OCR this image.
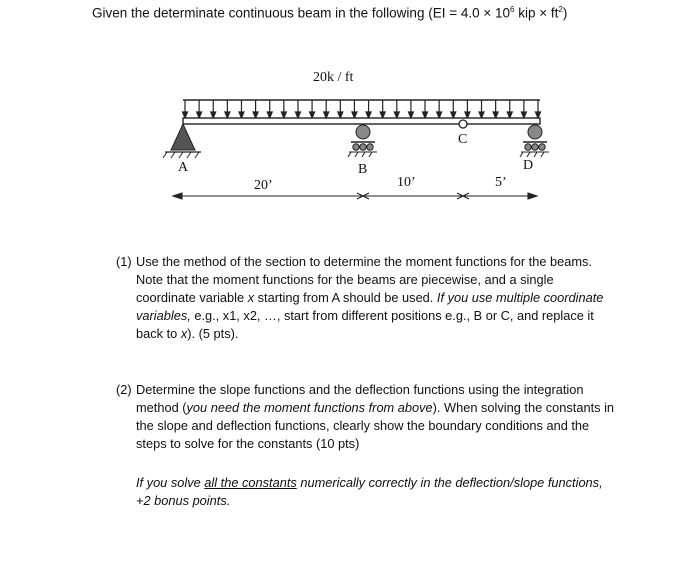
Given the determinate continuous beam in the following ($EI = 4.0 \times 10^6$ kip × $ft^2$)
20k / ft
A	B
C
D
20’	10’	5’
(1) Use the method of the section to determine the moment functions for the beams. Note that the moment functions for the beams are piecewise, and a single coordinate variable x starting from A should be used. If you use multiple coordinate variables, e.g., x1, x2, …, start from different positions e.g., B or C, and replace it back to x). (5 pts).
(2) Determine the slope functions and the deflection functions using the integration method (you need the moment functions from above). When solving the constants in the slope and deflection functions, clearly show the boundary conditions and the steps to solve for the constants (10 pts)
If you solve all the constants numerically correctly in the deflection/slope functions, +2 bonus points.
